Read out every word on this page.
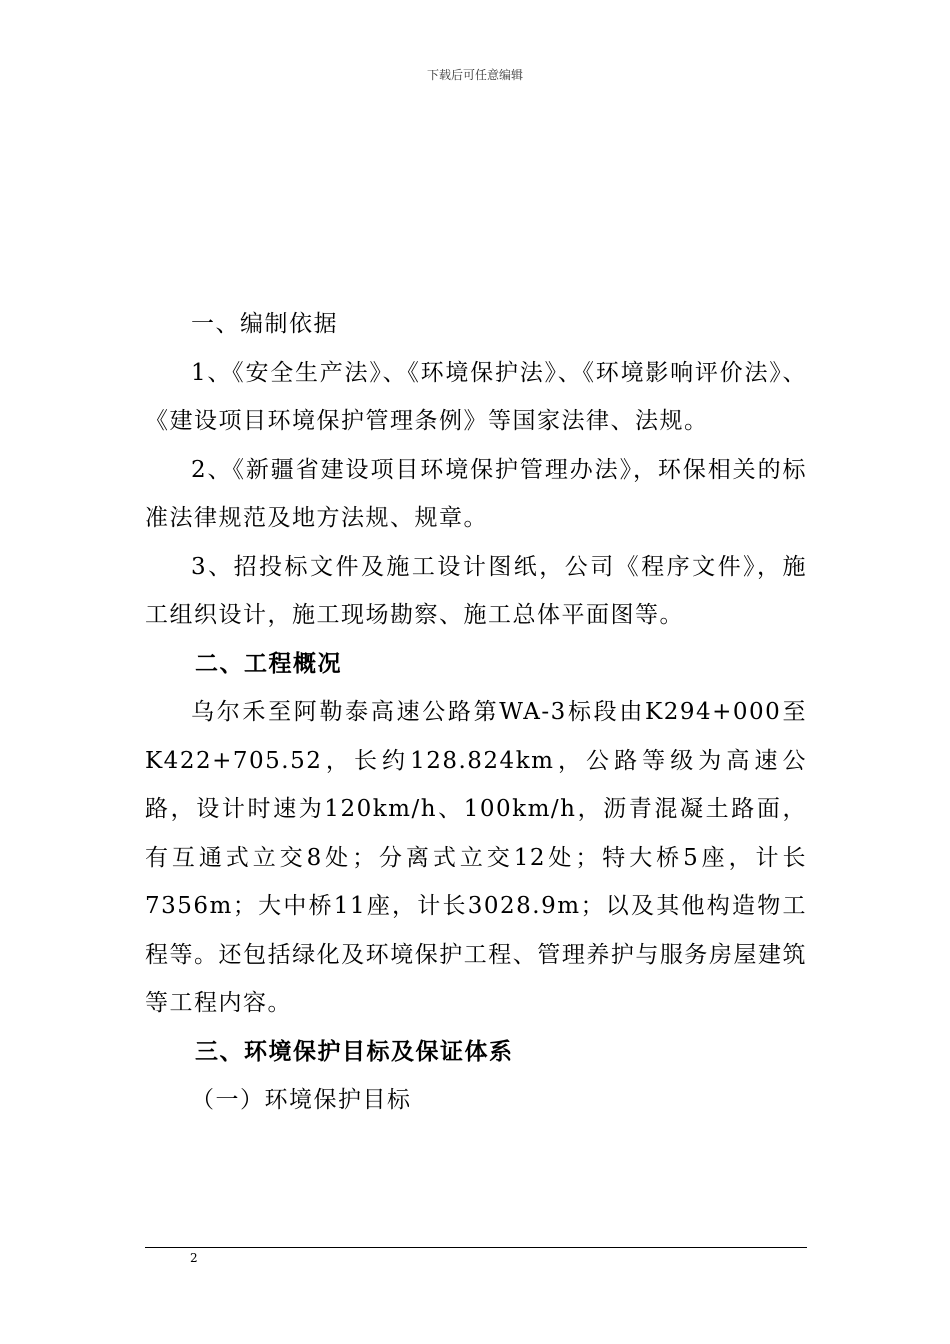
下载后可任意编辑

一、编制依据

1、《安全生产法》、《环境保护法》、《环境影响评价法》、《建设项目环境保护管理条例》等国家法律、法规。

2、《新疆省建设项目环境保护管理办法》，环保相关的标准法律规范及地方法规、规章。

3、招投标文件及施工设计图纸，公司《程序文件》，施工组织设计，施工现场勘察、施工总体平面图等。

二、工程概况

乌尔禾至阿勒泰高速公路第WA-3标段由K294+000至K422+705.52，长约128.824km，公路等级为高速公路，设计时速为120km/h、100km/h，沥青混凝土路面，有互通式立交8处；分离式立交12处；特大桥5座，计长7356m；大中桥11座，计长3028.9m；以及其他构造物工程等。还包括绿化及环境保护工程、管理养护与服务房屋建筑等工程内容。

三、环境保护目标及保证体系

（一）环境保护目标

2
